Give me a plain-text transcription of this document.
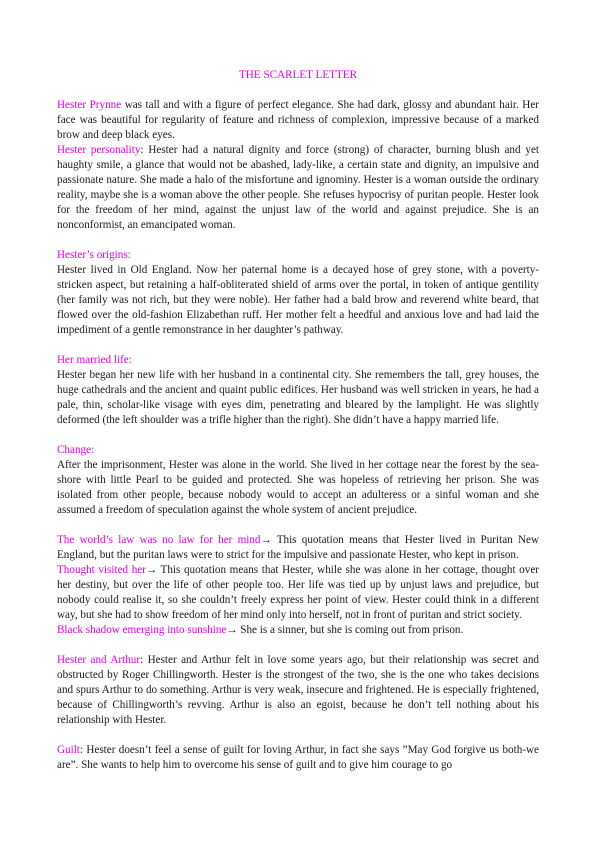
THE SCARLET LETTER

Hester Prynne was tall and with a figure of perfect elegance. She had dark, glossy and abundant hair. Her face was beautiful for regularity of feature and richness of complexion, impressive because of a marked brow and deep black eyes.

Hester personality: Hester had a natural dignity and force (strong) of character, burning blush and yet haughty smile, a glance that would not be abashed, lady-like, a certain state and dignity, an impulsive and passionate nature. She made a halo of the misfortune and ignominy. Hester is a woman outside the ordinary reality, maybe she is a woman above the other people. She refuses hypocrisy of puritan people. Hester look for the freedom of her mind, against the unjust law of the world and against prejudice. She is an nonconformist, an emancipated woman.

Hester’s origins:
Hester lived in Old England. Now her paternal home is a decayed hose of grey stone, with a poverty-stricken aspect, but retaining a half-obliterated shield of arms over the portal, in token of antique gentility (her family was not rich, but they were noble). Her father had a bald brow and reverend white beard, that flowed over the old-fashion Elizabethan ruff. Her mother felt a heedful and anxious love and had laid the impediment of a gentle remonstrance in her daughter’s pathway.

Her married life:
Hester began her new life with her husband in a continental city. She remembers the tall, grey houses, the huge cathedrals and the ancient and quaint public edifices. Her husband was well stricken in years, he had a pale, thin, scholar-like visage with eyes dim, penetrating and bleared by the lamplight. He was slightly deformed (the left shoulder was a trifle higher than the right). She didn’t have a happy married life.

Change:
After the imprisonment, Hester was alone in the world. She lived in her cottage near the forest by the sea-shore with little Pearl to be guided and protected. She was hopeless of retrieving her prison. She was isolated from other people, because nobody would to accept an adulteress or a sinful woman and she assumed a freedom of speculation against the whole system of ancient prejudice.

The world’s law was no law for her mind→ This quotation means that Hester lived in Puritan New England, but the puritan laws were to strict for the impulsive and passionate Hester, who kept in prison.

Thought visited her→ This quotation means that Hester, while she was alone in her cottage, thought over her destiny, but over the life of other people too. Her life was tied up by unjust laws and prejudice, but nobody could realise it, so she couldn’t freely express her point of view. Hester could think in a different way, but she had to show freedom of her mind only into herself, not in front of puritan and strict society.

Black shadow emerging into sunshine→ She is a sinner, but she is coming out from prison.

Hester and Arthur: Hester and Arthur felt in love some years ago, but their relationship was secret and obstructed by Roger Chillingworth. Hester is the strongest of the two, she is the one who takes decisions and spurs Arthur to do something. Arthur is very weak, insecure and frightened. He is especially frightened, because of Chillingworth’s revving. Arthur is also an egoist, because he don’t tell nothing about his relationship with Hester.

Guilt: Hester doesn’t feel a sense of guilt for loving Arthur, in fact she says ”May God forgive us both-we are”. She wants to help him to overcome his sense of guilt and to give him courage to go
